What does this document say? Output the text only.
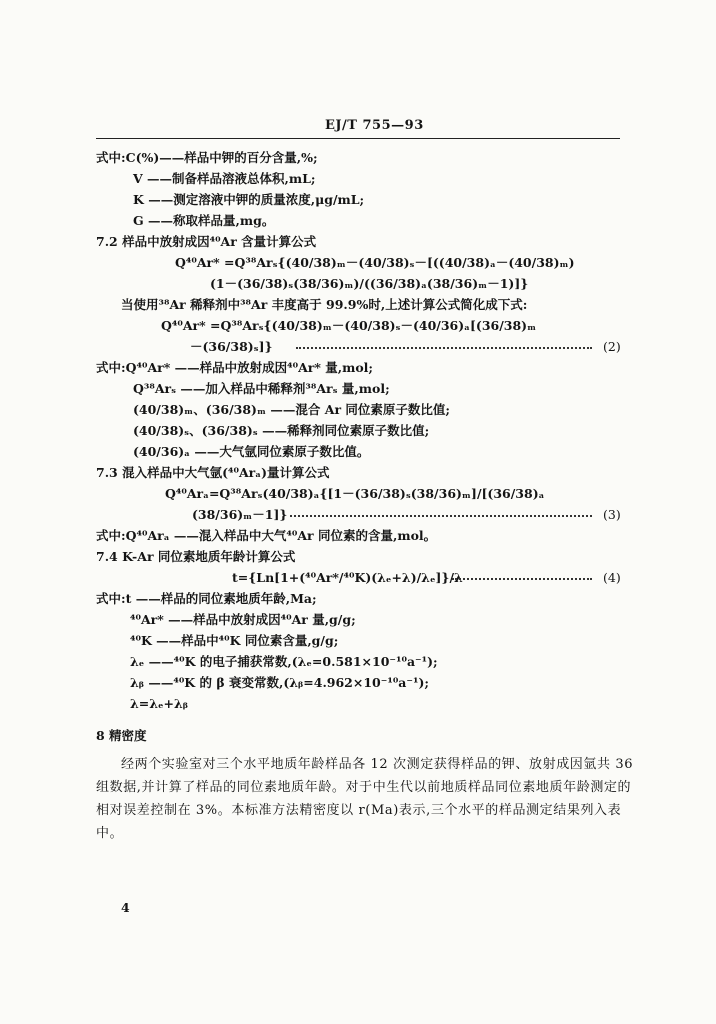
EJ/T 755—93
式中:C(%)——样品中钾的百分含量,%;
V ——制备样品溶液总体积,mL;
K ——测定溶液中钾的质量浓度,μg/mL;
G ——称取样品量,mg。
7.2 样品中放射成因⁴⁰Ar 含量计算公式
Q⁴⁰Ar* =Q³⁸Arₛ{(40/38)ₘ－(40/38)ₛ－[((40/38)ₐ－(40/38)ₘ)
(1－(36/38)ₛ(38/36)ₘ)/((36/38)ₐ(38/36)ₘ－1)]}
当使用³⁸Ar 稀释剂中³⁸Ar 丰度高于 99.9%时,上述计算公式简化成下式:
Q⁴⁰Ar* =Q³⁸Arₛ{(40/38)ₘ－(40/38)ₛ－(40/36)ₐ[(36/38)ₘ
－(36/38)ₛ]}	(2)
式中:Q⁴⁰Ar* ——样品中放射成因⁴⁰Ar* 量,mol;
Q³⁸Arₛ ——加入样品中稀释剂³⁸Arₛ 量,mol;
(40/38)ₘ、(36/38)ₘ ——混合 Ar 同位素原子数比值;
(40/38)ₛ、(36/38)ₛ ——稀释剂同位素原子数比值;
(40/36)ₐ ——大气氩同位素原子数比值。
7.3 混入样品中大气氩(⁴⁰Arₐ)量计算公式
Q⁴⁰Arₐ=Q³⁸Arₛ(40/38)ₐ{[1－(36/38)ₛ(38/36)ₘ]/[(36/38)ₐ
(38/36)ₘ－1]}	(3)
式中:Q⁴⁰Arₐ ——混入样品中大气⁴⁰Ar 同位素的含量,mol。
7.4 K-Ar 同位素地质年龄计算公式
t={Ln[1+(⁴⁰Ar*/⁴⁰K)(λₑ+λ)/λₑ]}/λ	(4)
式中:t ——样品的同位素地质年龄,Ma;
⁴⁰Ar* ——样品中放射成因⁴⁰Ar 量,g/g;
⁴⁰K ——样品中⁴⁰K 同位素含量,g/g;
λₑ ——⁴⁰K 的电子捕获常数,(λₑ=0.581×10⁻¹⁰a⁻¹);
λᵦ ——⁴⁰K 的 β 衰变常数,(λᵦ=4.962×10⁻¹⁰a⁻¹);
λ=λₑ+λᵦ
8 精密度
经两个实验室对三个水平地质年龄样品各 12 次测定获得样品的钾、放射成因氩共 36
组数据,并计算了样品的同位素地质年龄。对于中生代以前地质样品同位素地质年龄测定的
相对误差控制在 3%。本标准方法精密度以 r(Ma)表示,三个水平的样品测定结果列入表
中。
4
